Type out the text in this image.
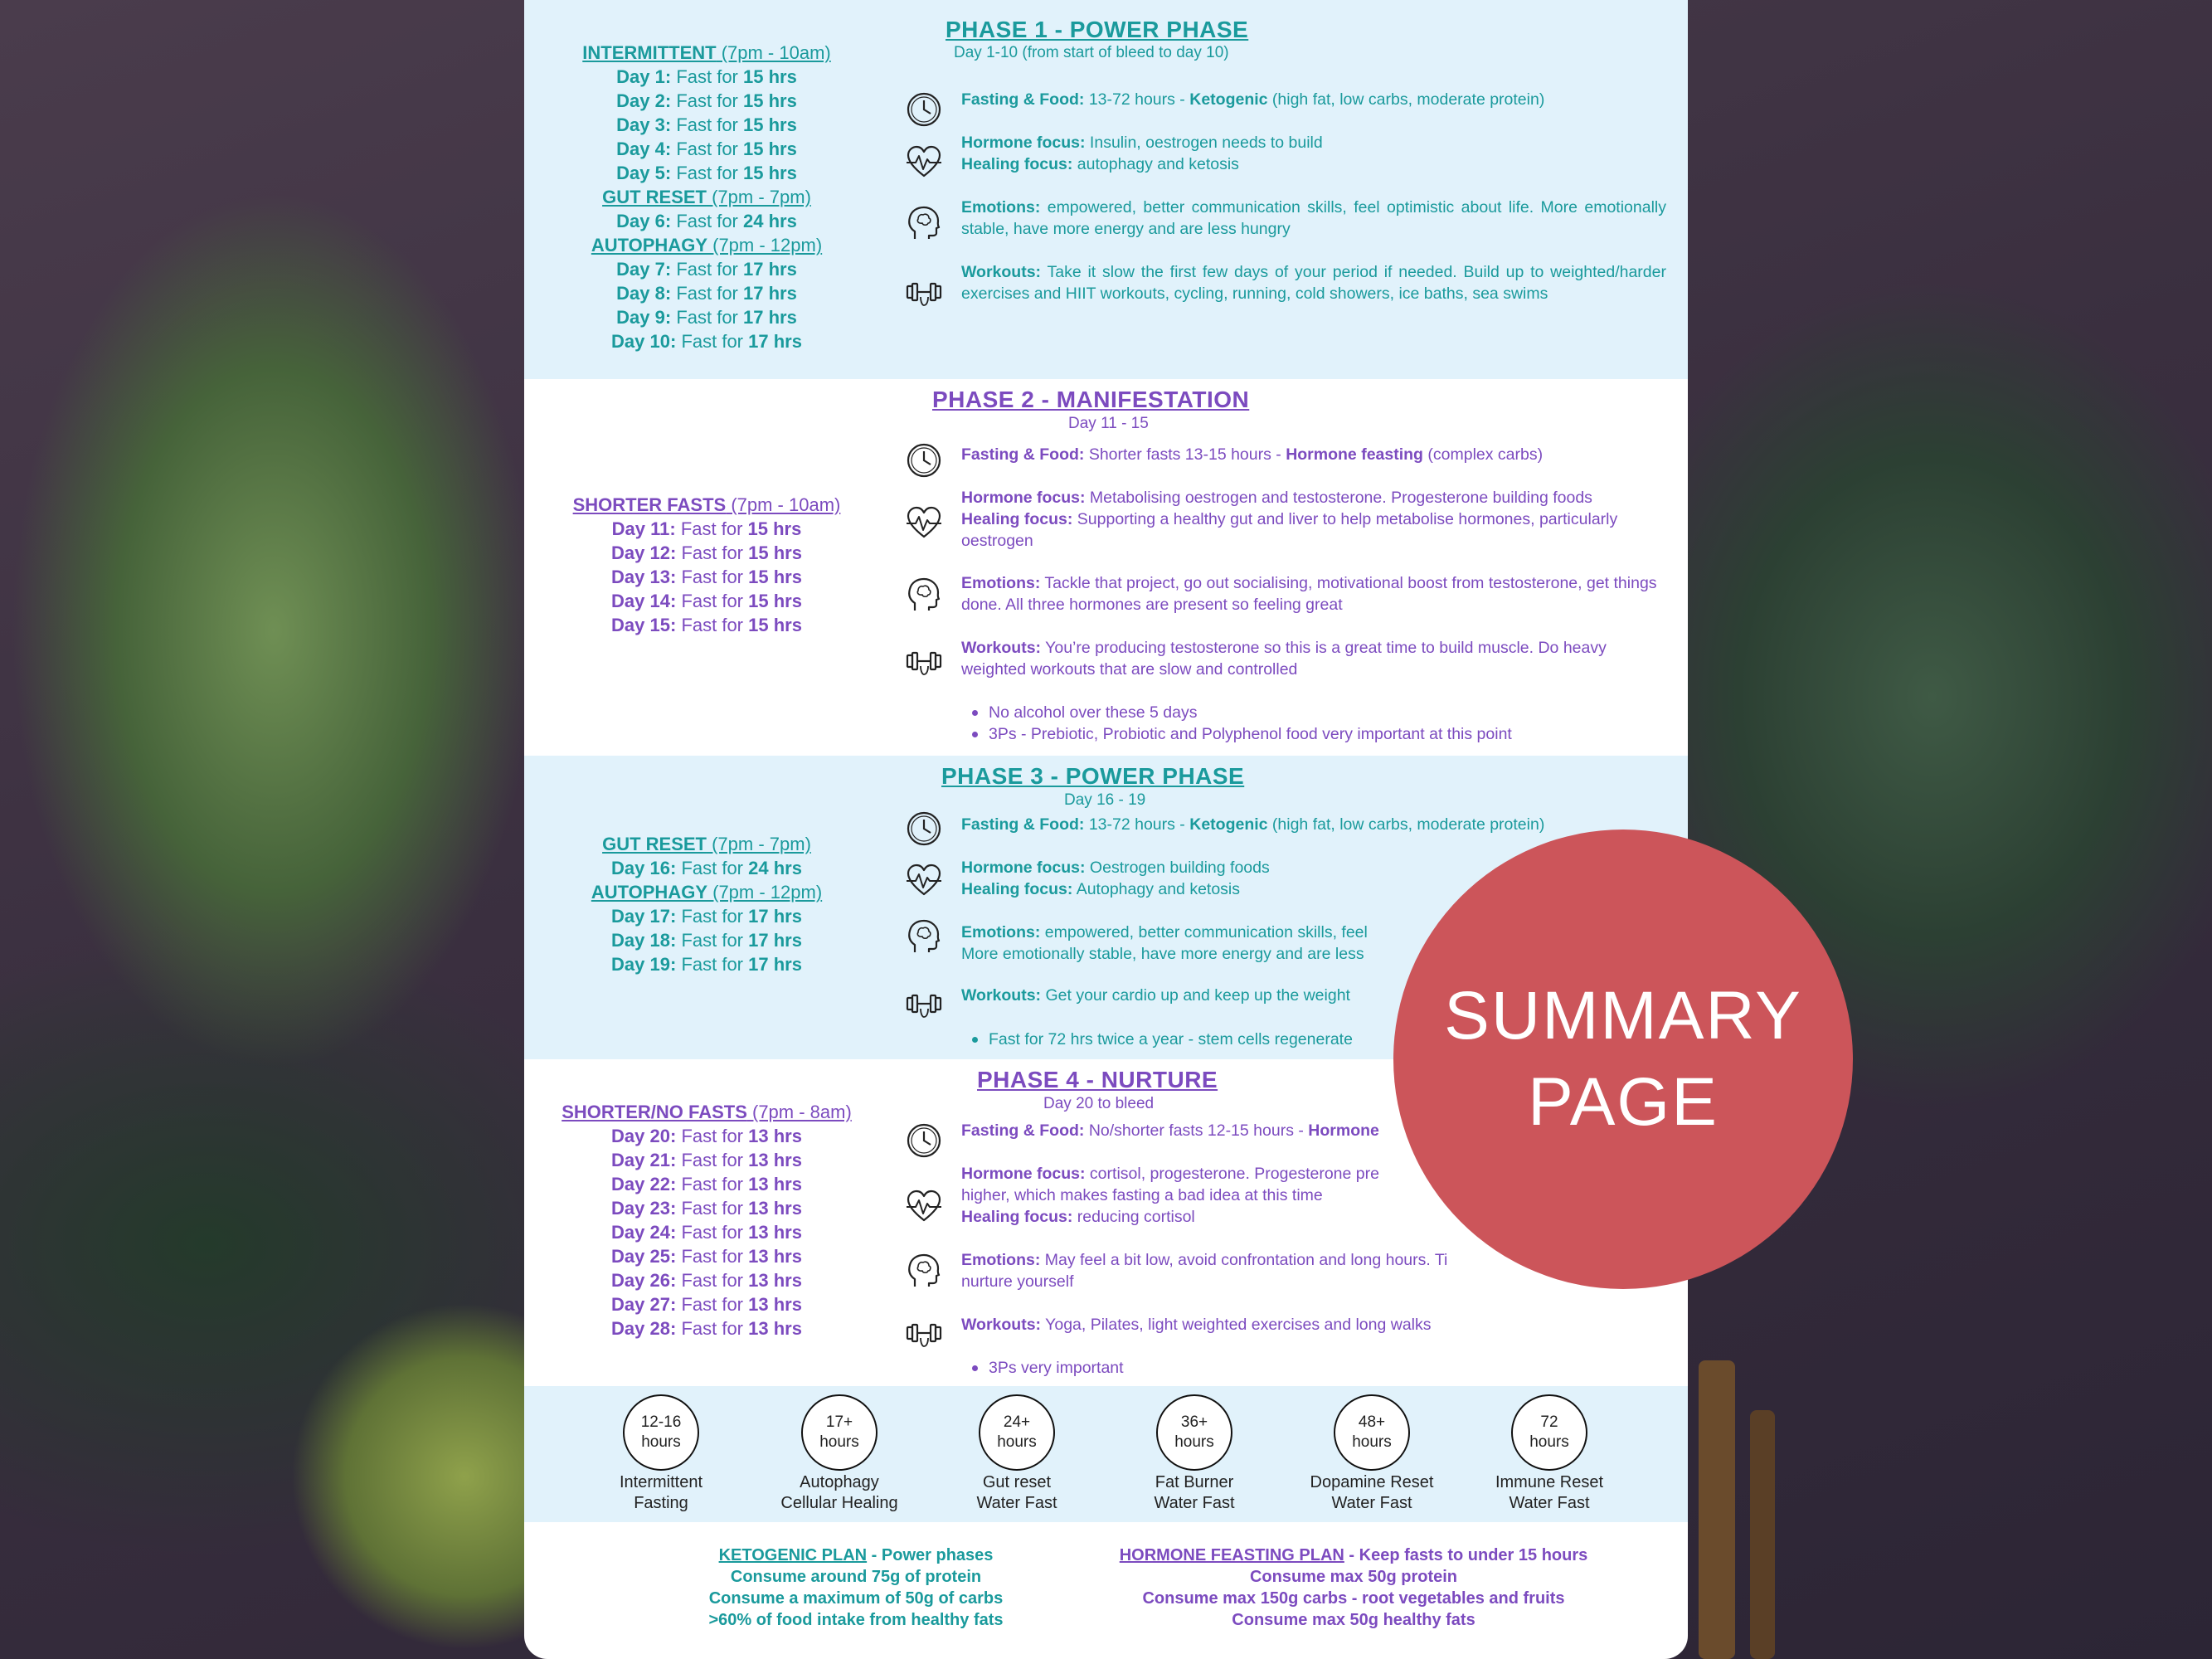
PHASE 1 - POWER PHASE
Day 1-10 (from start of bleed to day 10)
INTERMITTENT (7pm - 10am)
Day 1: Fast for 15 hrs
Day 2: Fast for 15 hrs
Day 3: Fast for 15 hrs
Day 4: Fast for 15 hrs
Day 5: Fast for 15 hrs
GUT RESET (7pm - 7pm)
Day 6: Fast for 24 hrs
AUTOPHAGY (7pm - 12pm)
Day 7: Fast for 17 hrs
Day 8: Fast for 17 hrs
Day 9: Fast for 17 hrs
Day 10: Fast for 17 hrs
Fasting & Food: 13-72 hours - Ketogenic (high fat, low carbs, moderate protein)
Hormone focus: Insulin, oestrogen needs to build
Healing focus: autophagy and ketosis
Emotions: empowered, better communication skills, feel optimistic about life. More emotionally stable, have more energy and are less hungry
Workouts: Take it slow the first few days of your period if needed. Build up to weighted/harder exercises and HIIT workouts, cycling, running, cold showers, ice baths, sea swims
PHASE 2 - MANIFESTATION
Day 11 - 15
SHORTER FASTS (7pm - 10am)
Day 11: Fast for 15 hrs
Day 12: Fast for 15 hrs
Day 13: Fast for 15 hrs
Day 14: Fast for 15 hrs
Day 15: Fast for 15 hrs
Fasting & Food: Shorter fasts 13-15 hours - Hormone feasting (complex carbs)
Hormone focus: Metabolising oestrogen and testosterone. Progesterone building foods
Healing focus: Supporting a healthy gut and liver to help metabolise hormones, particularly oestrogen
Emotions: Tackle that project, go out socialising, motivational boost from testosterone, get things done. All three hormones are present so feeling great
Workouts: You’re producing testosterone so this is a great time to build muscle. Do heavy weighted workouts that are slow and controlled
No alcohol over these 5 days
3Ps - Prebiotic, Probiotic and Polyphenol food very important at this point
PHASE 3 - POWER PHASE
Day 16 - 19
GUT RESET (7pm - 7pm)
Day 16: Fast for 24 hrs
AUTOPHAGY (7pm - 12pm)
Day 17: Fast for 17 hrs
Day 18: Fast for 17 hrs
Day 19: Fast for 17 hrs
Fasting & Food: 13-72 hours - Ketogenic (high fat, low carbs, moderate protein)
Hormone focus: Oestrogen building foods
Healing focus: Autophagy and ketosis
Emotions: empowered, better communication skills, feel
More emotionally stable, have more energy and are less
Workouts: Get your cardio up and keep up the weight
Fast for 72 hrs twice a year - stem cells regenerate
PHASE 4 - NURTURE
Day 20 to bleed
SHORTER/NO FASTS (7pm - 8am)
Day 20: Fast for 13 hrs
Day 21: Fast for 13 hrs
Day 22: Fast for 13 hrs
Day 23: Fast for 13 hrs
Day 24: Fast for 13 hrs
Day 25: Fast for 13 hrs
Day 26: Fast for 13 hrs
Day 27: Fast for 13 hrs
Day 28: Fast for 13 hrs
Fasting & Food: No/shorter fasts 12-15 hours - Hormone
Hormone focus: cortisol, progesterone. Progesterone pre
higher, which makes fasting a bad idea at this time
Healing focus: reducing cortisol
Emotions: May feel a bit low, avoid confrontation and long hours. Ti
nurture yourself
Workouts: Yoga, Pilates, light weighted exercises and long walks
3Ps very important
12-16
hours
Intermittent
Fasting
17+
hours
Autophagy
Cellular Healing
24+
hours
Gut reset
Water Fast
36+
hours
Fat Burner
Water Fast
48+
hours
Dopamine Reset
Water Fast
72
hours
Immune Reset
Water Fast
KETOGENIC PLAN - Power phases
Consume around 75g of protein
Consume a maximum of 50g of carbs
>60% of food intake from healthy fats
HORMONE FEASTING PLAN - Keep fasts to under 15 hours
Consume max 50g protein
Consume max 150g carbs - root vegetables and fruits
Consume max 50g healthy fats
SUMMARY
PAGE
